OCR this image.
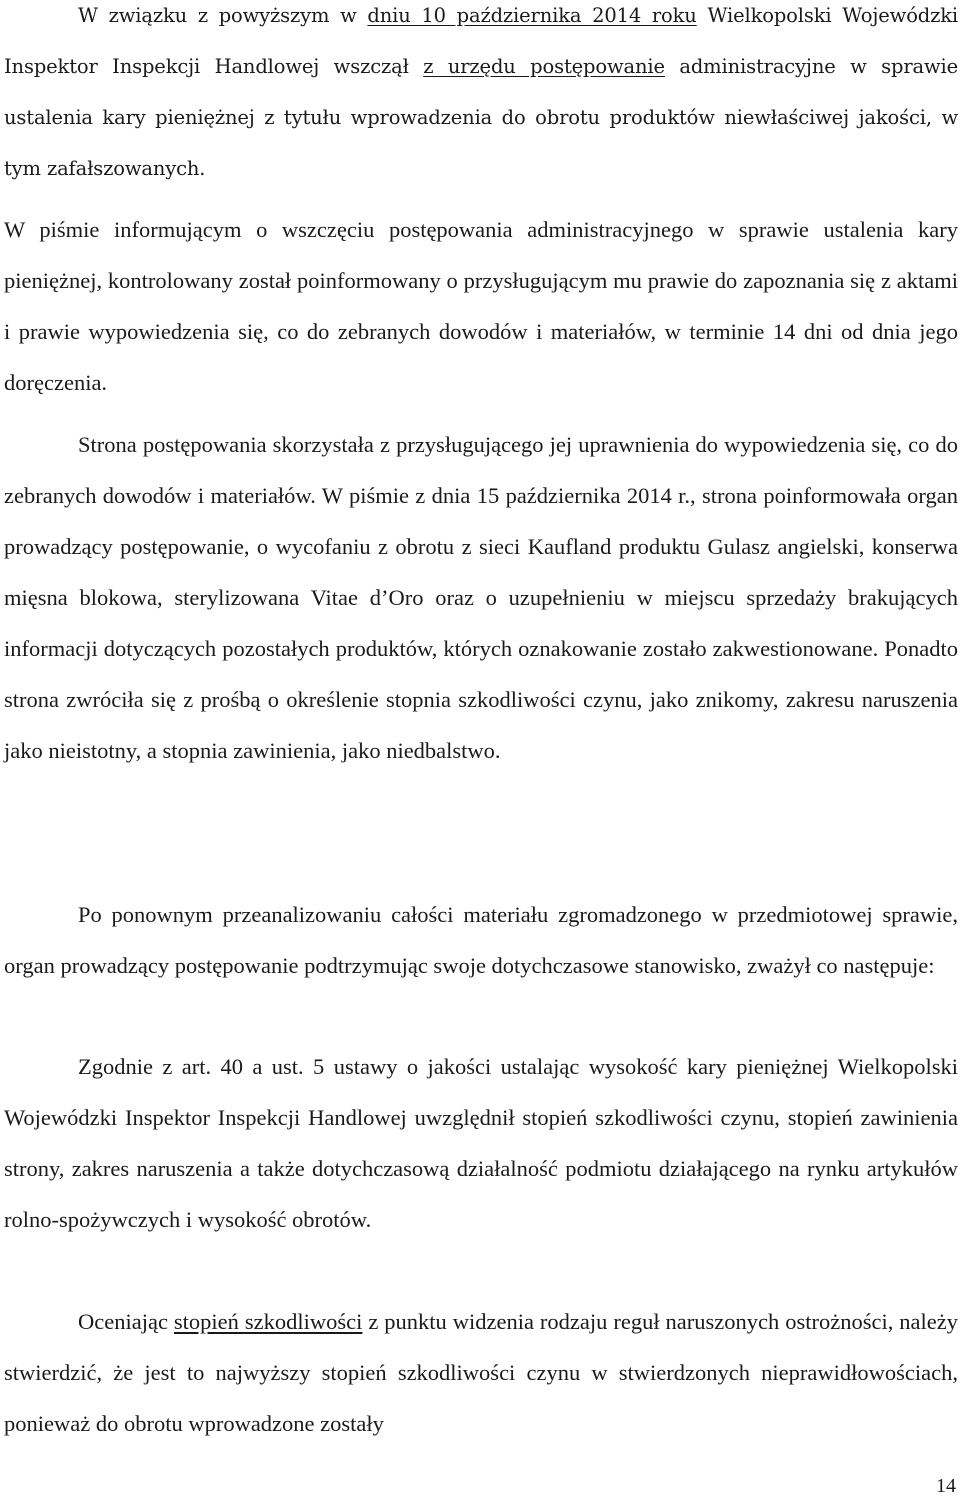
W związku z powyższym w dniu 10 października 2014 roku Wielkopolski Wojewódzki Inspektor Inspekcji Handlowej wszczął z urzędu postępowanie administracyjne w sprawie ustalenia kary pieniężnej z tytułu wprowadzenia do obrotu produktów niewłaściwej jakości, w tym zafałszowanych.

W piśmie informującym o wszczęciu postępowania administracyjnego w sprawie ustalenia kary pieniężnej, kontrolowany został poinformowany o przysługującym mu prawie do zapoznania się z aktami i prawie wypowiedzenia się, co do zebranych dowodów i materiałów, w terminie 14 dni od dnia jego doręczenia.

Strona postępowania skorzystała z przysługującego jej uprawnienia do wypowiedzenia się, co do zebranych dowodów i materiałów. W piśmie z dnia 15 października 2014 r., strona poinformowała organ prowadzący postępowanie, o wycofaniu z obrotu z sieci Kaufland produktu Gulasz angielski, konserwa mięsna blokowa, sterylizowana Vitae d’Oro oraz o uzupełnieniu w miejscu sprzedaży brakujących informacji dotyczących pozostałych produktów, których oznakowanie zostało zakwestionowane. Ponadto strona zwróciła się z prośbą o określenie stopnia szkodliwości czynu, jako znikomy, zakresu naruszenia jako nieistotny, a stopnia zawinienia, jako niedbalstwo.

Po ponownym przeanalizowaniu całości materiału zgromadzonego w przedmiotowej sprawie, organ prowadzący postępowanie podtrzymując swoje dotychczasowe stanowisko, zważył co następuje:

Zgodnie z art. 40 a ust. 5 ustawy o jakości ustalając wysokość kary pieniężnej Wielkopolski Wojewódzki Inspektor Inspekcji Handlowej uwzględnił stopień szkodliwości czynu, stopień zawinienia strony, zakres naruszenia a także dotychczasową działalność podmiotu działającego na rynku artykułów rolno-spożywczych i wysokość obrotów.

Oceniając stopień szkodliwości z punktu widzenia rodzaju reguł naruszonych ostrożności, należy stwierdzić, że jest to najwyższy stopień szkodliwości czynu w stwierdzonych nieprawidłowościach, ponieważ do obrotu wprowadzone zostały

14
